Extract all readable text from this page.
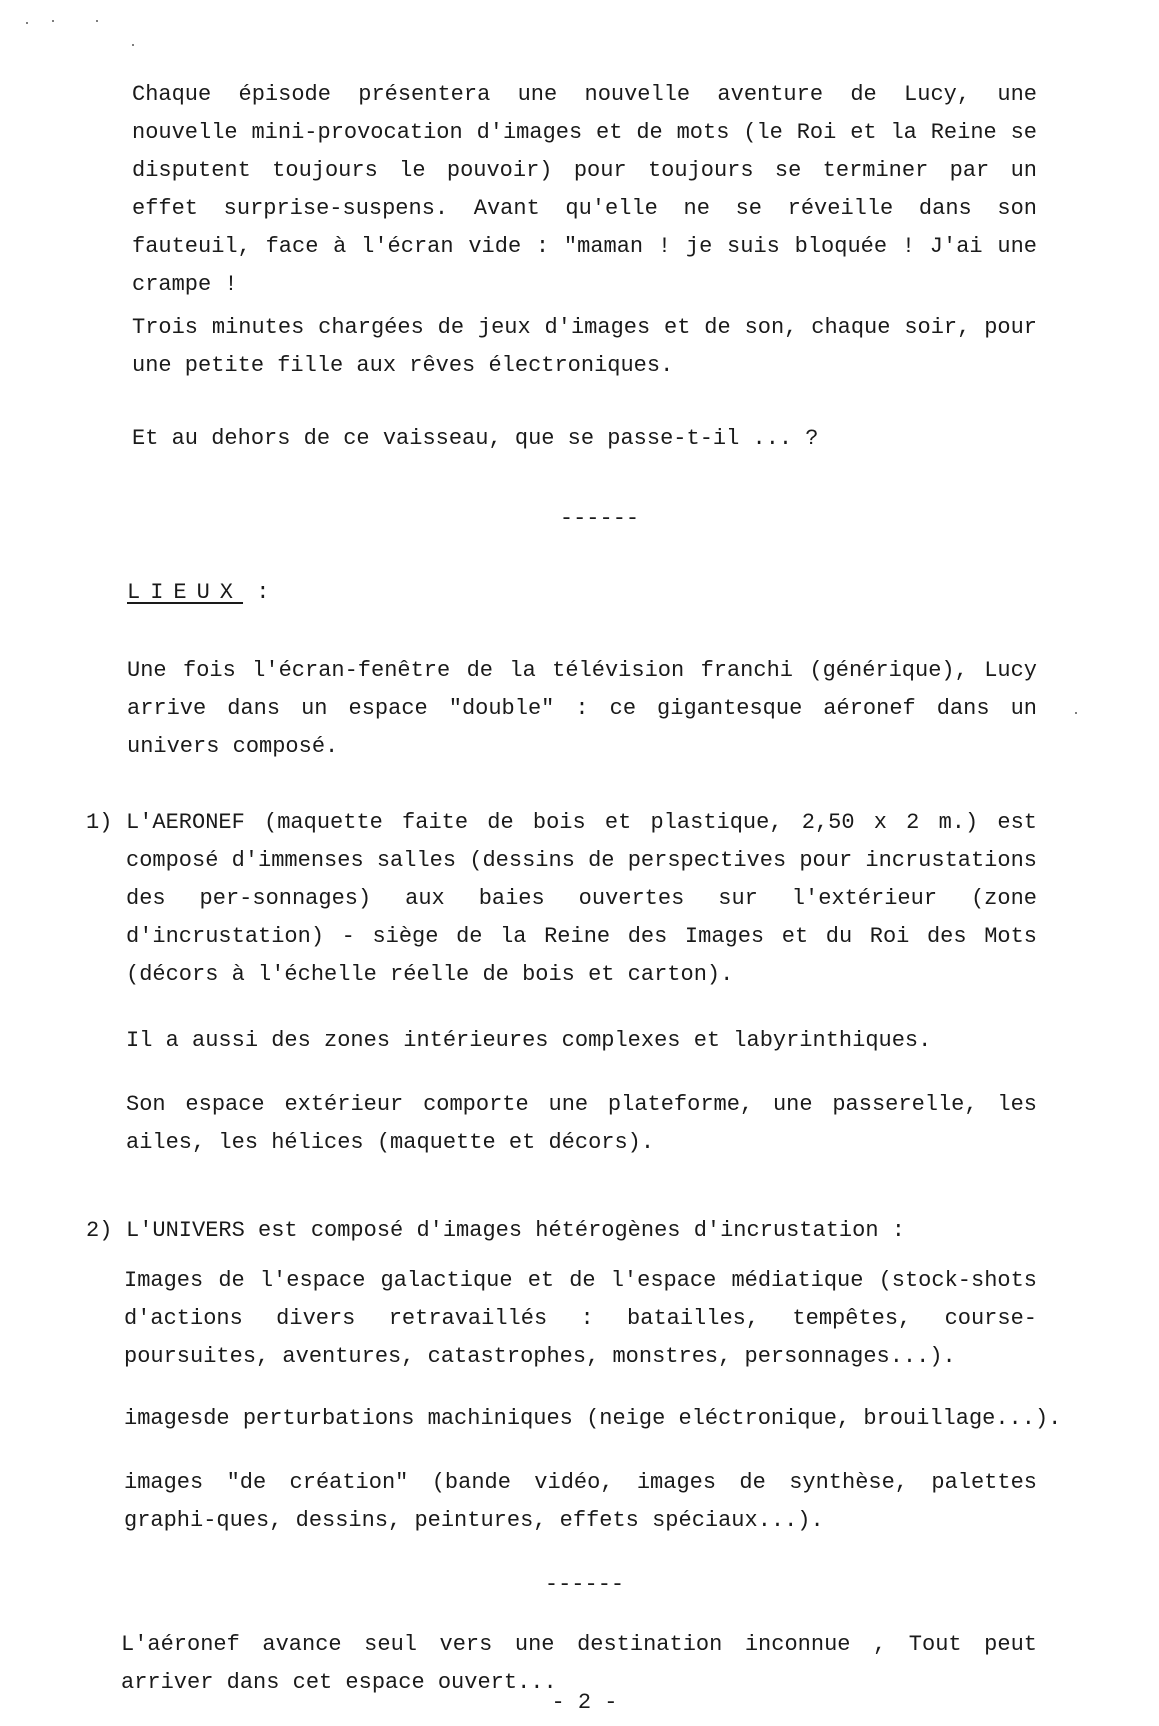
Chaque épisode présentera une nouvelle aventure de Lucy, une nouvelle mini-provocation d'images et de mots (le Roi et la Reine se disputent toujours le pouvoir) pour toujours se terminer par un effet surprise-suspens. Avant qu'elle ne se réveille dans son fauteuil, face à l'écran vide : "maman ! je suis bloquée ! J'ai une crampe !

Trois minutes chargées de jeux d'images et de son, chaque soir, pour une petite fille aux rêves électroniques.

Et au dehors de ce vaisseau, que se passe-t-il ... ?

------
LIEUX :

Une fois l'écran-fenêtre de la télévision franchi (générique), Lucy arrive dans un espace "double" : ce gigantesque aéronef dans un univers composé.

1) L'AERONEF (maquette faite de bois et plastique, 2,50 x 2 m.) est composé d'immenses salles (dessins de perspectives pour incrustations des per-sonnages) aux baies ouvertes sur l'extérieur (zone d'incrustation) - siège de la Reine des Images et du Roi des Mots (décors à l'échelle réelle de bois et carton).

Il a aussi des zones intérieures complexes et labyrinthiques.

Son espace extérieur comporte une plateforme, une passerelle, les ailes, les hélices (maquette et décors).

2) L'UNIVERS est composé d'images hétérogènes d'incrustation :

Images de l'espace galactique et de l'espace médiatique (stock-shots d'actions divers retravaillés : batailles, tempêtes, course-poursuites, aventures, catastrophes, monstres, personnages...).

imagesde perturbations machiniques (neige eléctronique, brouillage...).

images "de création" (bande vidéo, images de synthèse, palettes graphi-ques, dessins, peintures, effets spéciaux...).

------

L'aéronef avance seul vers une destination inconnue , Tout peut arriver dans cet espace ouvert...

- 2 -
